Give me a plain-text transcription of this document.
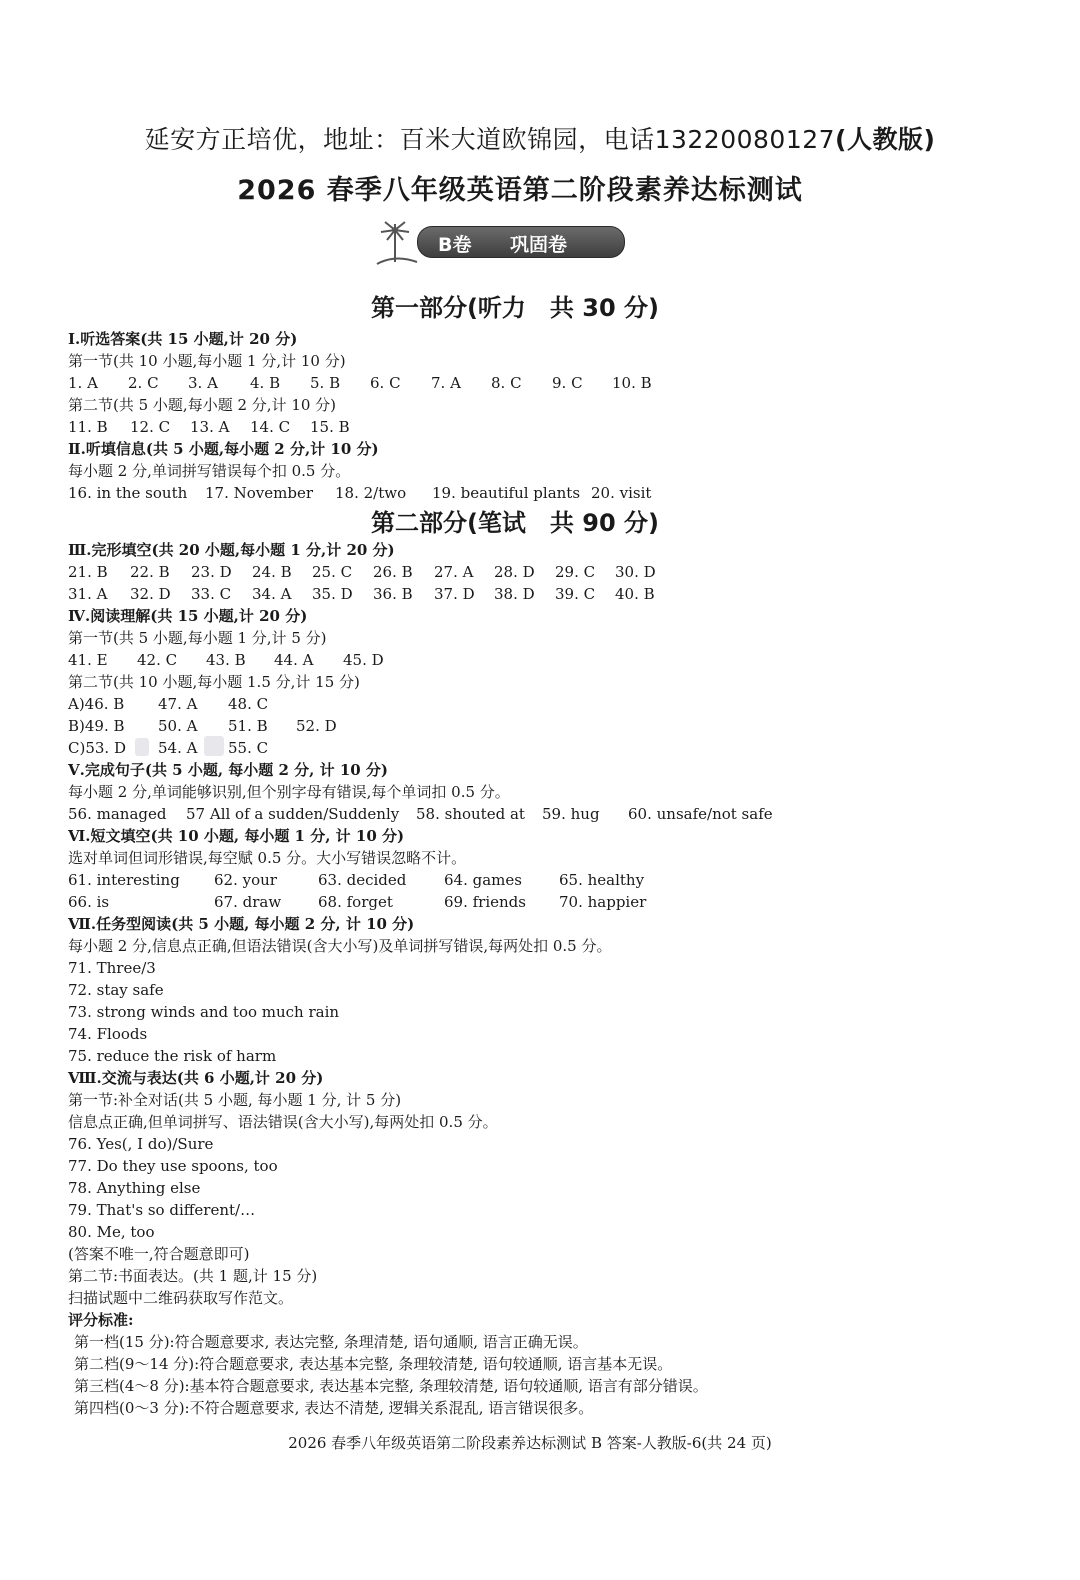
延安方正培优，地址：百米大道欧锦园，电话13220080127(人教版)
2026 春季八年级英语第二阶段素养达标测试
B卷 巩固卷	◀◀◀
第一部分(听力　共 30 分)
Ⅰ.听选答案(共 15 小题,计 20 分)
第一节(共 10 小题,每小题 1 分,计 10 分)
1. A 2. C 3. A 4. B 5. B 6. C 7. A 8. C 9. C 10. B
第二节(共 5 小题,每小题 2 分,计 10 分)
11. B 12. C 13. A 14. C 15. B
Ⅱ.听填信息(共 5 小题,每小题 2 分,计 10 分)
每小题 2 分,单词拼写错误每个扣 0.5 分。
16. in the south 17. November 18. 2/two 19. beautiful plants 20. visit
第二部分(笔试　共 90 分)
Ⅲ.完形填空(共 20 小题,每小题 1 分,计 20 分)
21. B 22. B 23. D 24. B 25. C 26. B 27. A 28. D 29. C 30. D
31. A 32. D 33. C 34. A 35. D 36. B 37. D 38. D 39. C 40. B
Ⅳ.阅读理解(共 15 小题,计 20 分)
第一节(共 5 小题,每小题 1 分,计 5 分)
41. E 42. C 43. B 44. A 45. D
第二节(共 10 小题,每小题 1.5 分,计 15 分)
A)46. B 47. A 48. C
B)49. B 50. A 51. B 52. D
C)53. D 54. A 55. C
Ⅴ.完成句子(共 5 小题, 每小题 2 分, 计 10 分)
每小题 2 分,单词能够识别,但个别字母有错误,每个单词扣 0.5 分。
56. managed 57 All of a sudden/Suddenly 58. shouted at 59. hug 60. unsafe/not safe
Ⅵ.短文填空(共 10 小题, 每小题 1 分, 计 10 分)
选对单词但词形错误,每空赋 0.5 分。大小写错误忽略不计。
61. interesting 62. your	63. decided	64. games 65. healthy
66. is	67. draw 68. forget	69. friends 70. happier
Ⅶ.任务型阅读(共 5 小题, 每小题 2 分, 计 10 分)
每小题 2 分,信息点正确,但语法错误(含大小写)及单词拼写错误,每两处扣 0.5 分。
71. Three/3
72. stay safe
73. strong winds and too much rain
74. Floods
75. reduce the risk of harm
Ⅷ.交流与表达(共 6 小题,计 20 分)
第一节:补全对话(共 5 小题, 每小题 1 分, 计 5 分)
信息点正确,但单词拼写、语法错误(含大小写),每两处扣 0.5 分。
76. Yes(, I do)/Sure
77. Do they use spoons, too
78. Anything else
79. That's so different/…
80. Me, too
(答案不唯一,符合题意即可)
第二节:书面表达。(共 1 题,计 15 分)
扫描试题中二维码获取写作范文。
评分标准:
第一档(15 分):符合题意要求, 表达完整, 条理清楚, 语句通顺, 语言正确无误。
第二档(9～14 分):符合题意要求, 表达基本完整, 条理较清楚, 语句较通顺, 语言基本无误。
第三档(4～8 分):基本符合题意要求, 表达基本完整, 条理较清楚, 语句较通顺, 语言有部分错误。
第四档(0～3 分):不符合题意要求, 表达不清楚, 逻辑关系混乱, 语言错误很多。
2026 春季八年级英语第二阶段素养达标测试 B 答案-人教版-6(共 24 页)
